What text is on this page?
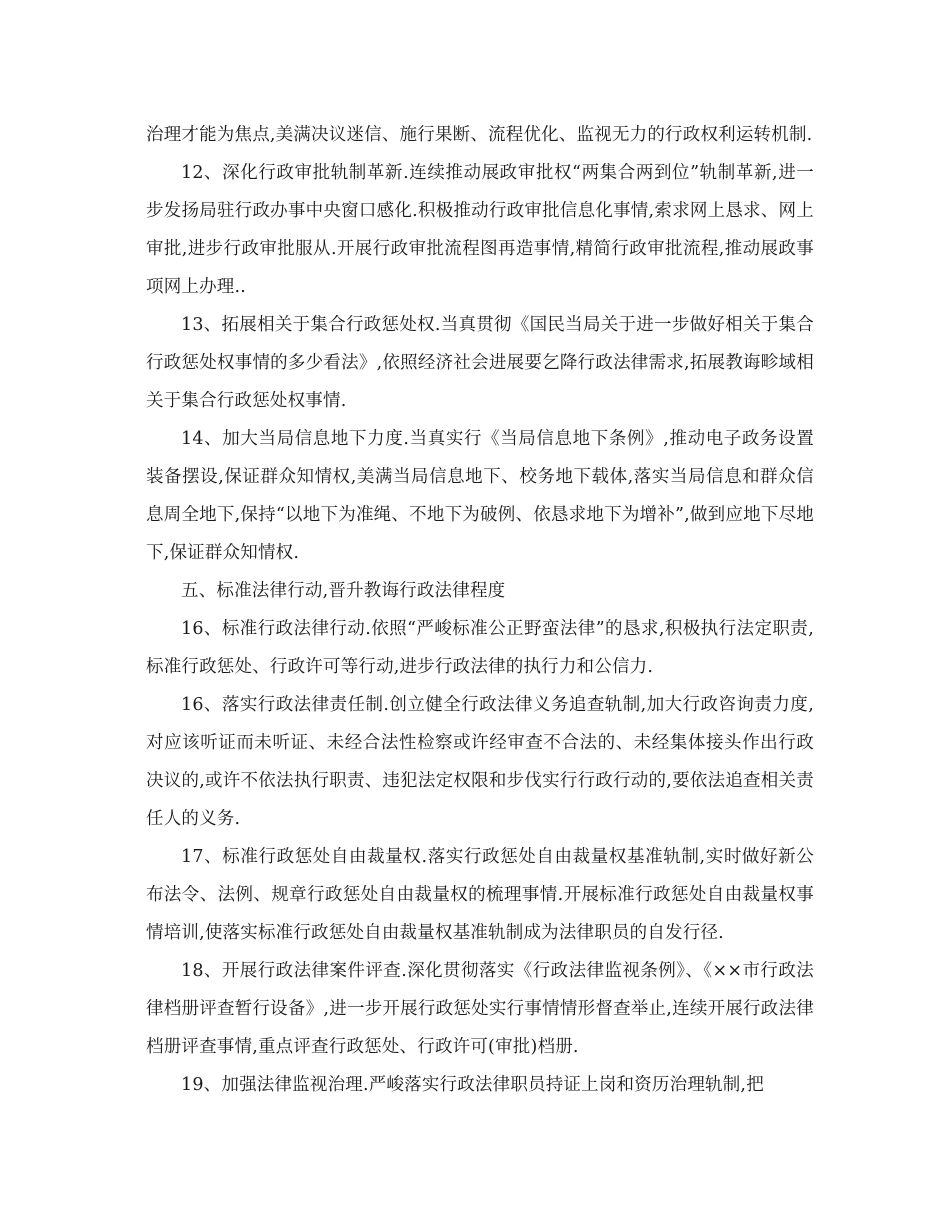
治理才能为焦点,美满决议迷信、施行果断、流程优化、监视无力的行政权利运转机制.

12、深化行政审批轨制革新.连续推动展政审批权“两集合两到位”轨制革新,进一步发扬局驻行政办事中央窗口感化.积极推动行政审批信息化事情,索求网上恳求、网上审批,进步行政审批服从.开展行政审批流程图再造事情,精简行政审批流程,推动展政事项网上办理..

13、拓展相关于集合行政惩处权.当真贯彻《国民当局关于进一步做好相关于集合行政惩处权事情的多少看法》,依照经济社会进展要乞降行政法律需求,拓展教诲畛域相关于集合行政惩处权事情.

14、加大当局信息地下力度.当真实行《当局信息地下条例》,推动电子政务设置装备摆设,保证群众知情权,美满当局信息地下、校务地下载体,落实当局信息和群众信息周全地下,保持“以地下为准绳、不地下为破例、依恳求地下为增补”,做到应地下尽地下,保证群众知情权.

五、标准法律行动,晋升教诲行政法律程度

16、标准行政法律行动.依照“严峻标准公正野蛮法律”的恳求,积极执行法定职责,标准行政惩处、行政许可等行动,进步行政法律的执行力和公信力.

16、落实行政法律责任制.创立健全行政法律义务追查轨制,加大行政咨询责力度,对应该听证而未听证、未经合法性检察或许经审查不合法的、未经集体接头作出行政决议的,或许不依法执行职责、违犯法定权限和步伐实行行政行动的,要依法追查相关责任人的义务.

17、标准行政惩处自由裁量权.落实行政惩处自由裁量权基准轨制,实时做好新公布法令、法例、规章行政惩处自由裁量权的梳理事情.开展标准行政惩处自由裁量权事情培训,使落实标准行政惩处自由裁量权基准轨制成为法律职员的自发行径.

18、开展行政法律案件评查.深化贯彻落实《行政法律监视条例》、《××市行政法律档册评查暂行设备》,进一步开展行政惩处实行事情情形督查举止,连续开展行政法律档册评查事情,重点评查行政惩处、行政许可(审批)档册.

19、加强法律监视治理.严峻落实行政法律职员持证上岗和资历治理轨制,把
